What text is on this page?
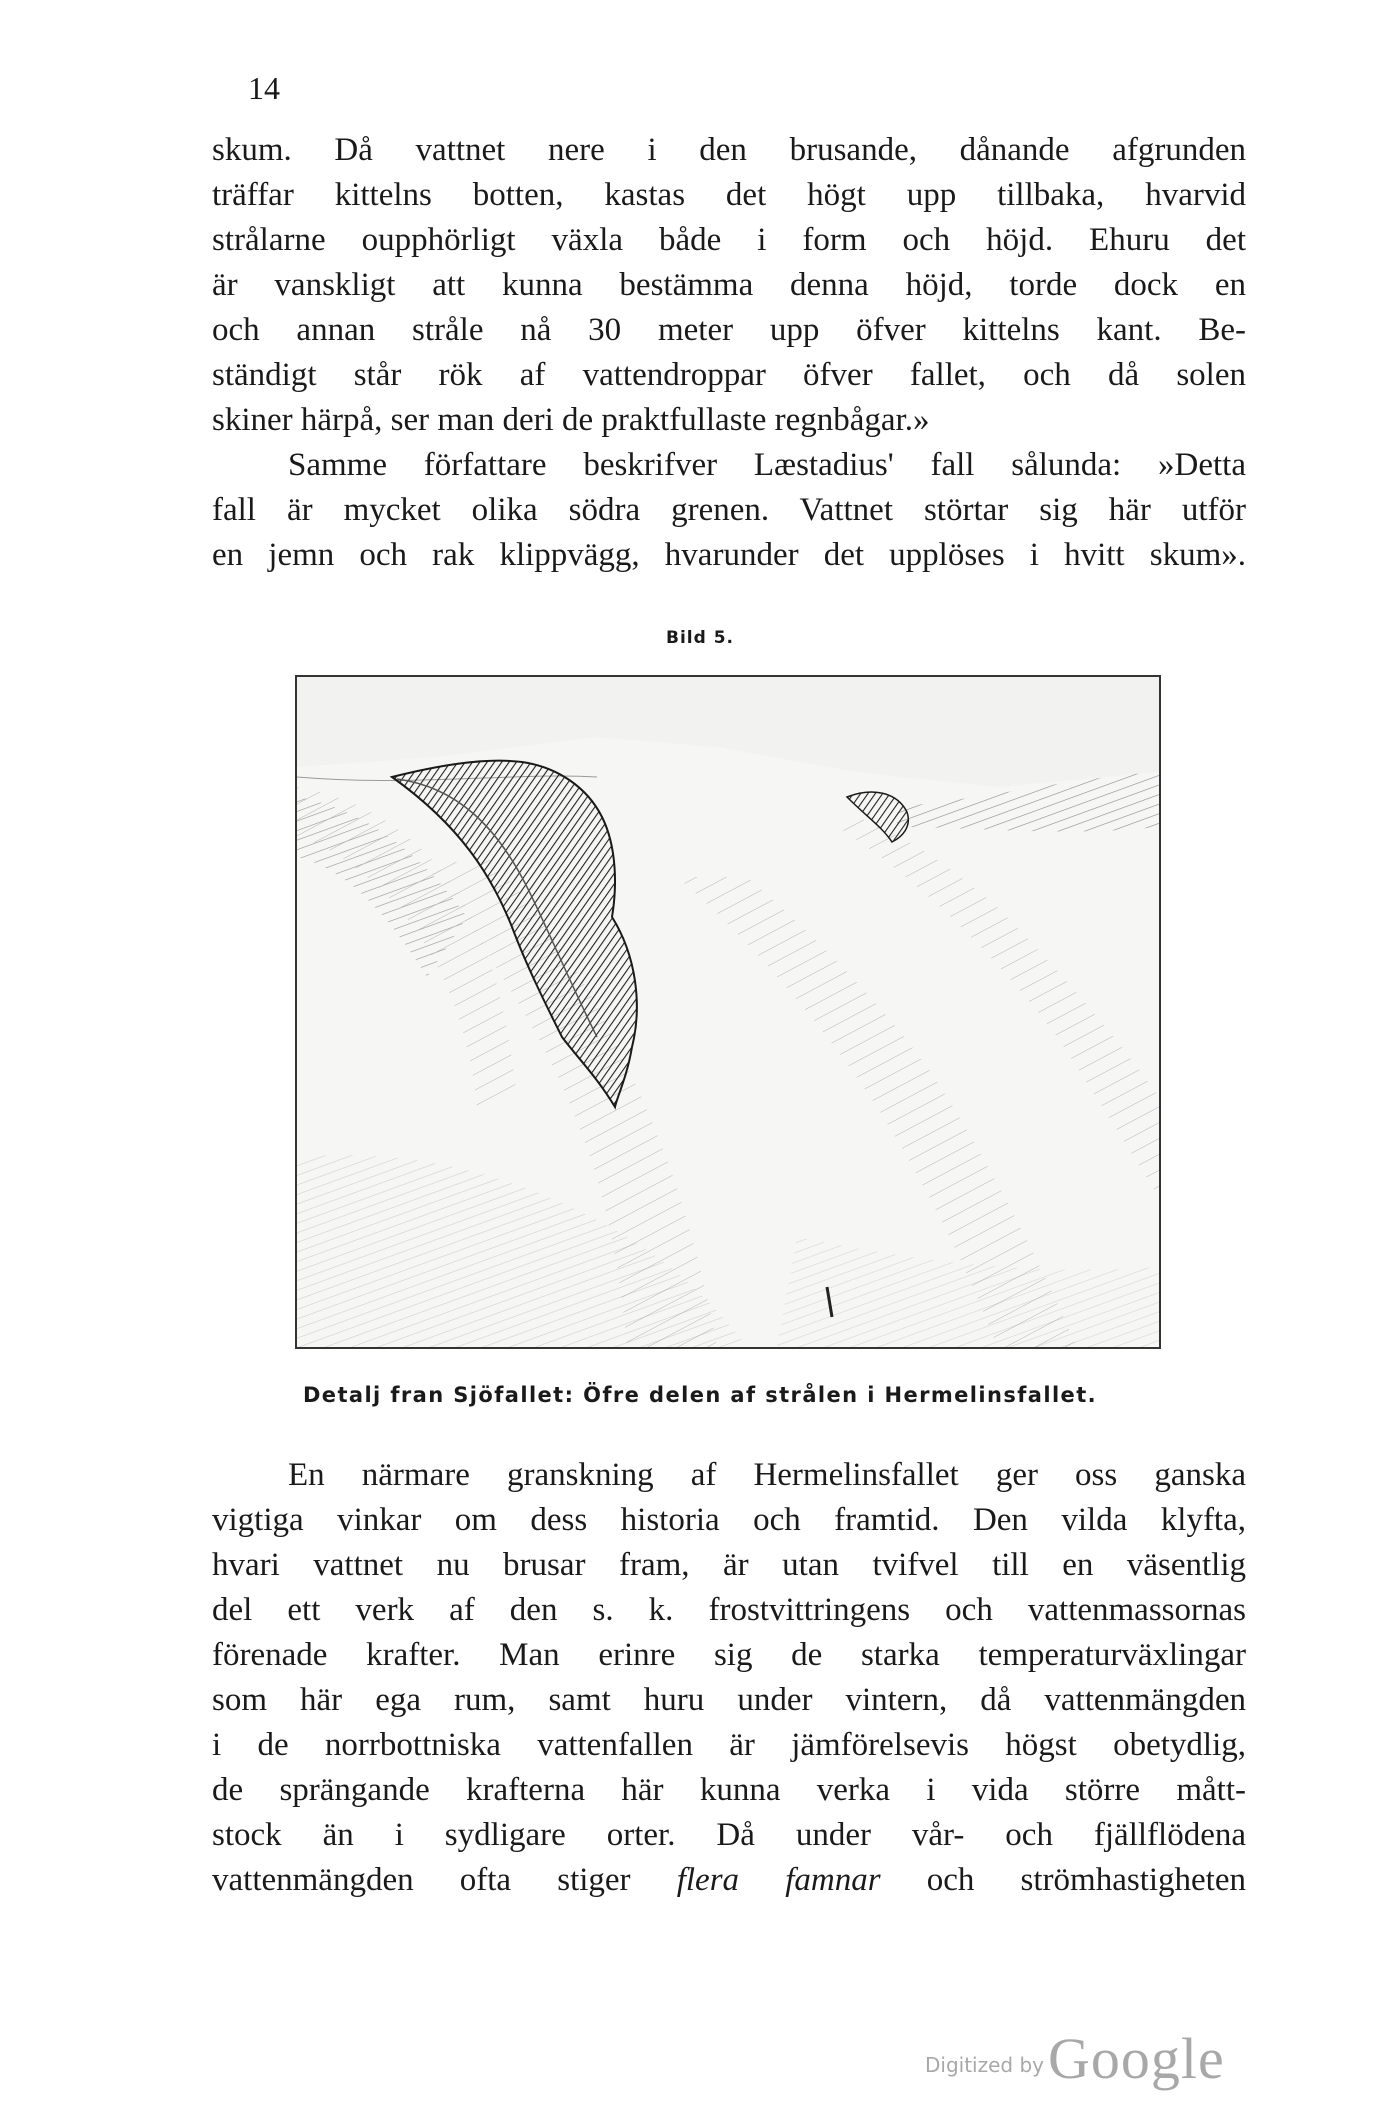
14
skum. Då vattnet nere i den brusande, dånande afgrunden
träffar kittelns botten, kastas det högt upp tillbaka, hvarvid
strålarne oupphörligt växla både i form och höjd. Ehuru det
är vanskligt att kunna bestämma denna höjd, torde dock en
och annan stråle nå 30 meter upp öfver kittelns kant. Be-
ständigt står rök af vattendroppar öfver fallet, och då solen
skiner härpå, ser man deri de praktfullaste regnbågar.»
Samme författare beskrifver Læstadius' fall sålunda: »Detta
fall är mycket olika södra grenen. Vattnet störtar sig här utför
en jemn och rak klippvägg, hvarunder det upplöses i hvitt skum».
Bild 5.
Detalj fran Sjöfallet: Öfre delen af strålen i Hermelinsfallet.
En närmare granskning af Hermelinsfallet ger oss ganska
vigtiga vinkar om dess historia och framtid. Den vilda klyfta,
hvari vattnet nu brusar fram, är utan tvifvel till en väsentlig
del ett verk af den s. k. frostvittringens och vattenmassornas
förenade krafter. Man erinre sig de starka temperaturväxlingar
som här ega rum, samt huru under vintern, då vattenmängden
i de norrbottniska vattenfallen är jämförelsevis högst obetydlig,
de sprängande krafterna här kunna verka i vida större mått-
stock än i sydligare orter. Då under vår- och fjällflödena
vattenmängden ofta stiger flera famnar och strömhastigheten
Digitized by Google
